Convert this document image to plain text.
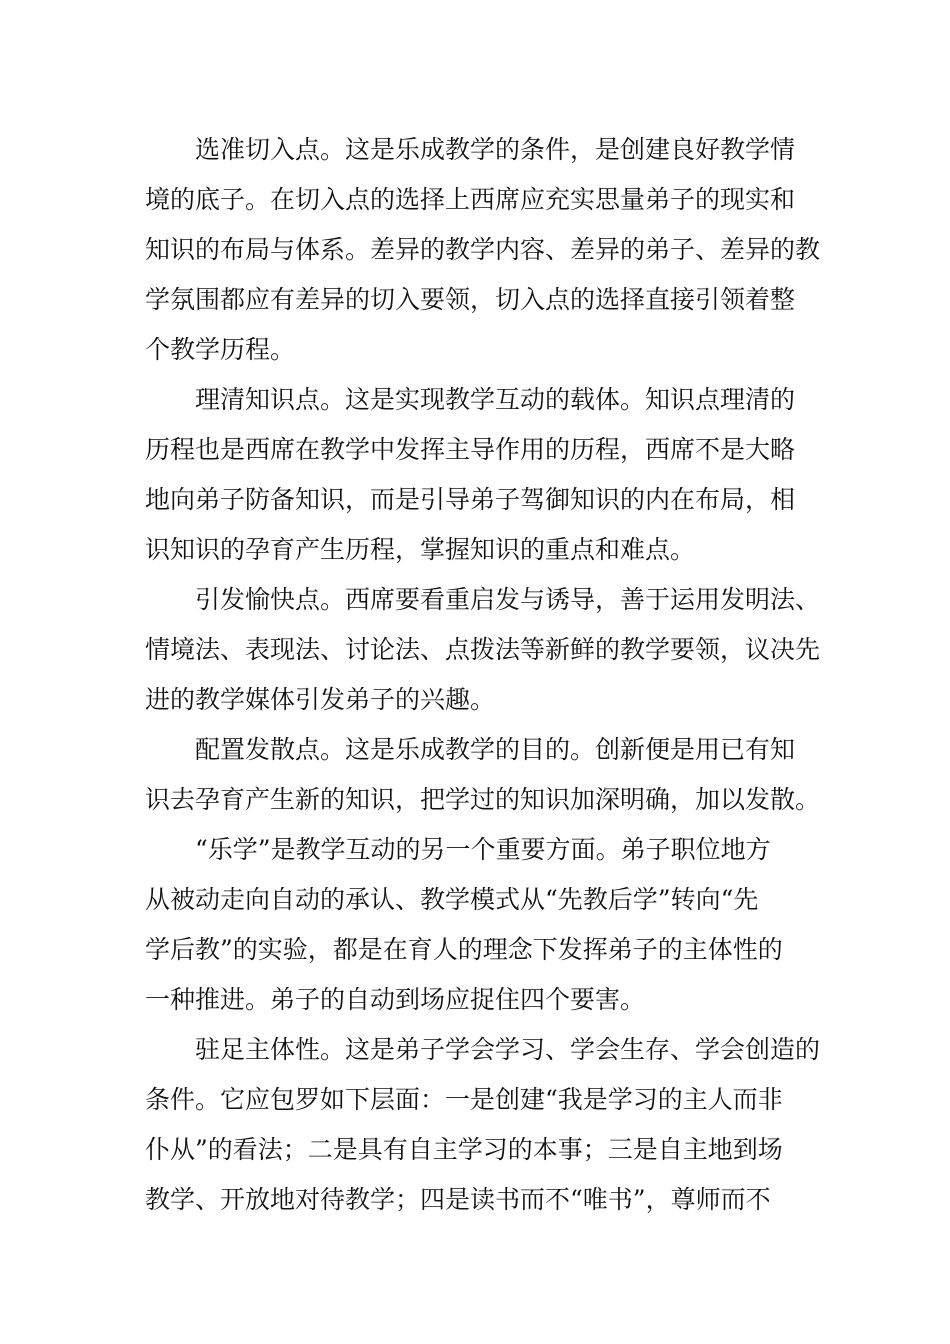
选准切入点。这是乐成教学的条件，是创建良好教学情
境的底子。在切入点的选择上西席应充实思量弟子的现实和
知识的布局与体系。差异的教学内容、差异的弟子、差异的教
学氛围都应有差异的切入要领，切入点的选择直接引领着整
个教学历程。
理清知识点。这是实现教学互动的载体。知识点理清的
历程也是西席在教学中发挥主导作用的历程，西席不是大略
地向弟子防备知识，而是引导弟子驾御知识的内在布局，相
识知识的孕育产生历程，掌握知识的重点和难点。
引发愉快点。西席要看重启发与诱导，善于运用发明法、
情境法、表现法、讨论法、点拨法等新鲜的教学要领，议决先
进的教学媒体引发弟子的兴趣。
配置发散点。这是乐成教学的目的。创新便是用已有知
识去孕育产生新的知识，把学过的知识加深明确，加以发散。
“乐学”是教学互动的另一个重要方面。弟子职位地方
从被动走向自动的承认、教学模式从“先教后学”转向“先
学后教”的实验，都是在育人的理念下发挥弟子的主体性的
一种推进。弟子的自动到场应捉住四个要害。
驻足主体性。这是弟子学会学习、学会生存、学会创造的
条件。它应包罗如下层面：一是创建“我是学习的主人而非
仆从”的看法；二是具有自主学习的本事；三是自主地到场
教学、开放地对待教学；四是读书而不“唯书”，尊师而不
